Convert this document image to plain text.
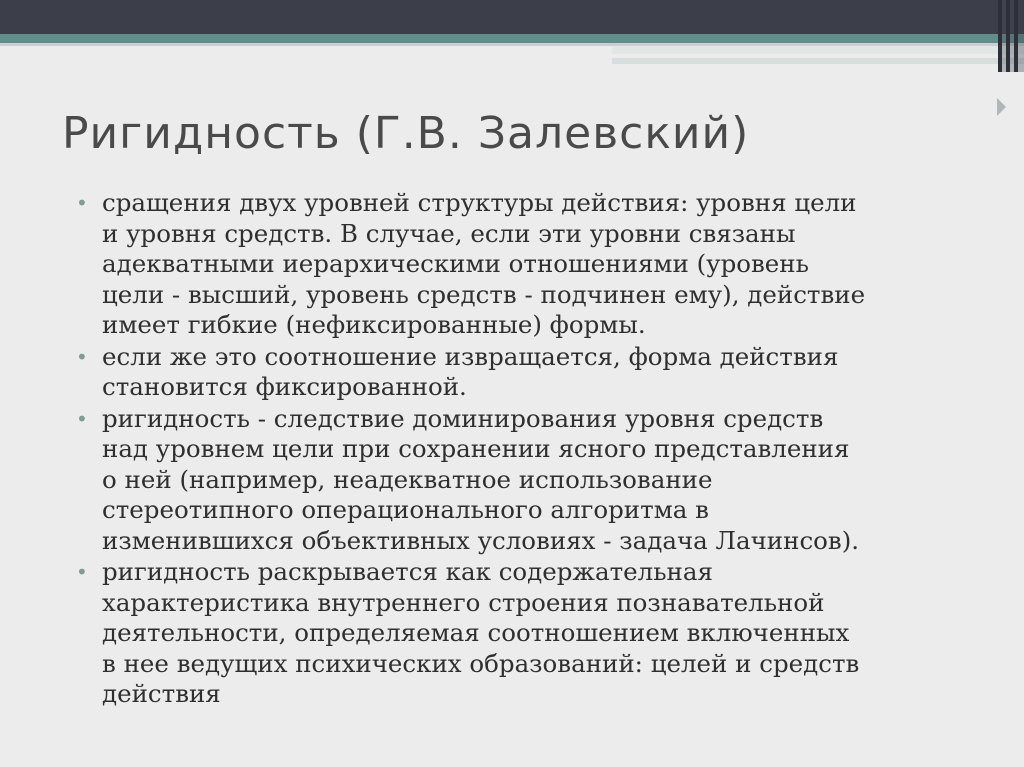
Ригидность (Г.В. Залевский)
• сращения двух уровней структуры действия: уровня цели
и уровня средств. В случае, если эти уровни связаны
адекватными иерархическими отношениями (уровень
цели - высший, уровень средств - подчинен ему), действие
имеет гибкие (нефиксированные) формы.
• если же это соотношение извращается, форма действия
становится фиксированной.
• ригидность - следствие доминирования уровня средств
над уровнем цели при сохранении ясного представления
о ней (например, неадекватное использование
стереотипного операционального алгоритма в
изменившихся объективных условиях - задача Лачинсов).
• ригидность раскрывается как содержательная
характеристика внутреннего строения познавательной
деятельности, определяемая соотношением включенных
в нее ведущих психических образований: целей и средств
действия
